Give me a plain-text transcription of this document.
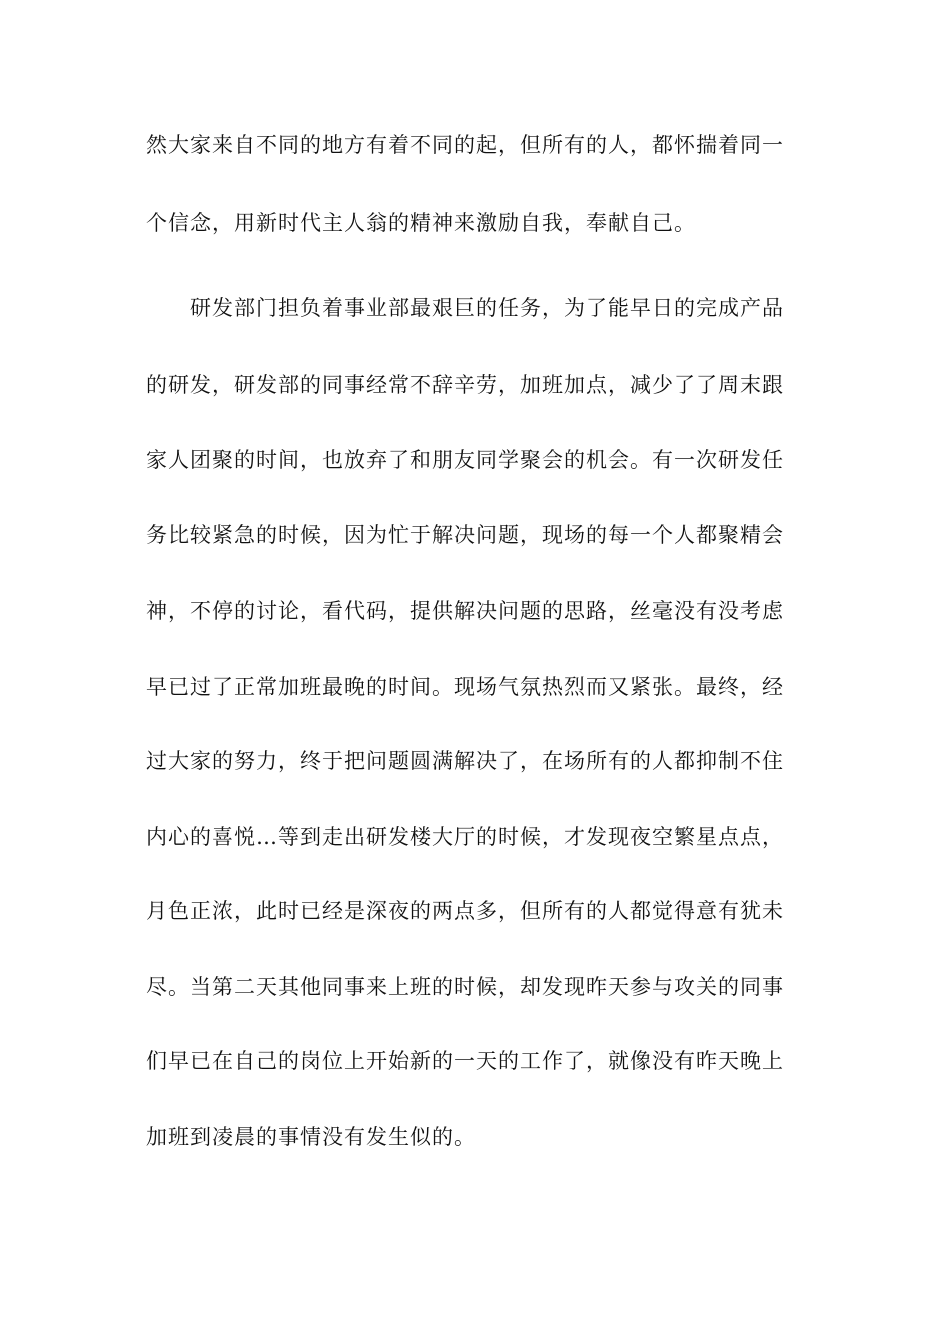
然大家来自不同的地方有着不同的起，但所有的人，都怀揣着同一
个信念，用新时代主人翁的精神来激励自我，奉献自己。
研发部门担负着事业部最艰巨的任务，为了能早日的完成产品
的研发，研发部的同事经常不辞辛劳，加班加点，减少了了周末跟
家人团聚的时间，也放弃了和朋友同学聚会的机会。有一次研发任
务比较紧急的时候，因为忙于解决问题，现场的每一个人都聚精会
神，不停的讨论，看代码，提供解决问题的思路，丝毫没有没考虑
早已过了正常加班最晚的时间。现场气氛热烈而又紧张。最终，经
过大家的努力，终于把问题圆满解决了，在场所有的人都抑制不住
内心的喜悦…等到走出研发楼大厅的时候，才发现夜空繁星点点，
月色正浓，此时已经是深夜的两点多，但所有的人都觉得意有犹未
尽。当第二天其他同事来上班的时候，却发现昨天参与攻关的同事
们早已在自己的岗位上开始新的一天的工作了，就像没有昨天晚上
加班到凌晨的事情没有发生似的。
